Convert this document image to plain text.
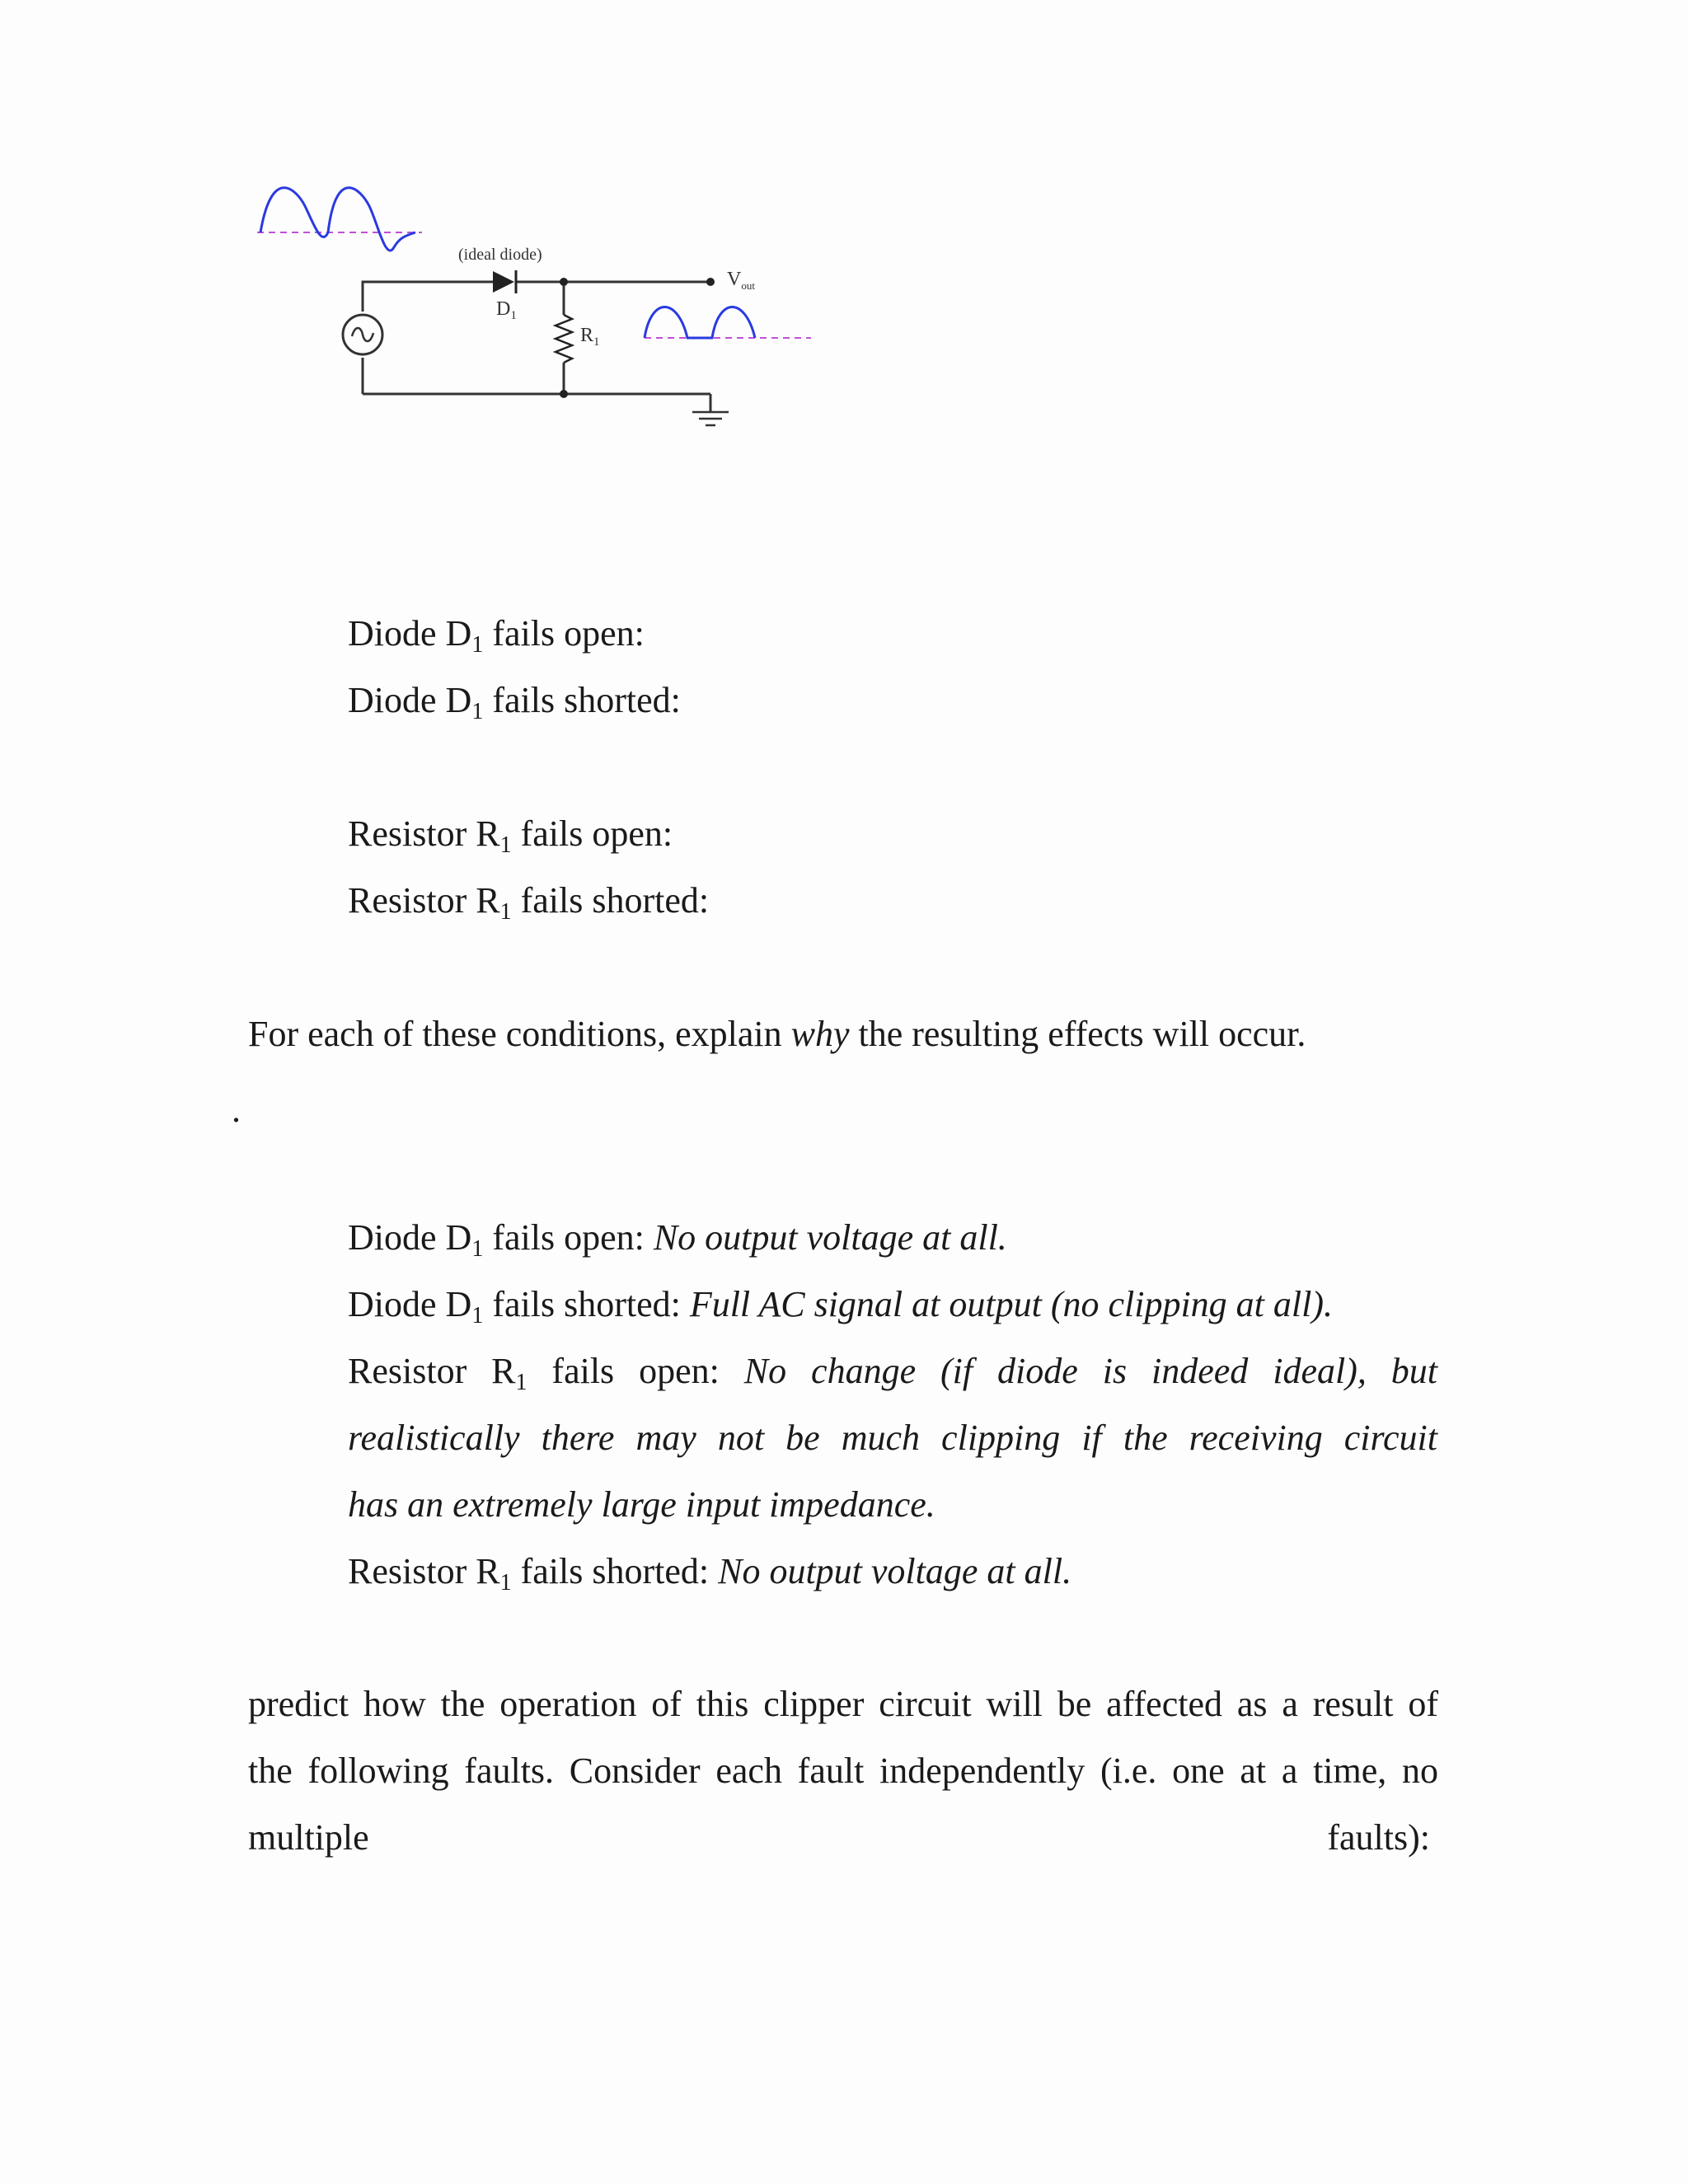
(ideal diode)
$D_1$
$R_1$
$V_{out}$
Diode $D_1$ fails open:
Diode $D_1$ fails shorted:
Resistor $R_1$ fails open:
Resistor $R_1$ fails shorted:
For each of these conditions, explain why the resulting effects will occur.
.
Diode $D_1$ fails open: No output voltage at all.
Diode $D_1$ fails shorted: Full AC signal at output (no clipping at all).
Resistor $R_1$ fails open: No change (if diode is indeed ideal), but
realistically there may not be much clipping if the receiving circuit
has an extremely large input impedance.
Resistor $R_1$ fails shorted: No output voltage at all.
predict how the operation of this clipper circuit will be affected as a result of
the following faults. Consider each fault independently (i.e. one at a time, no
multiple	faults):
